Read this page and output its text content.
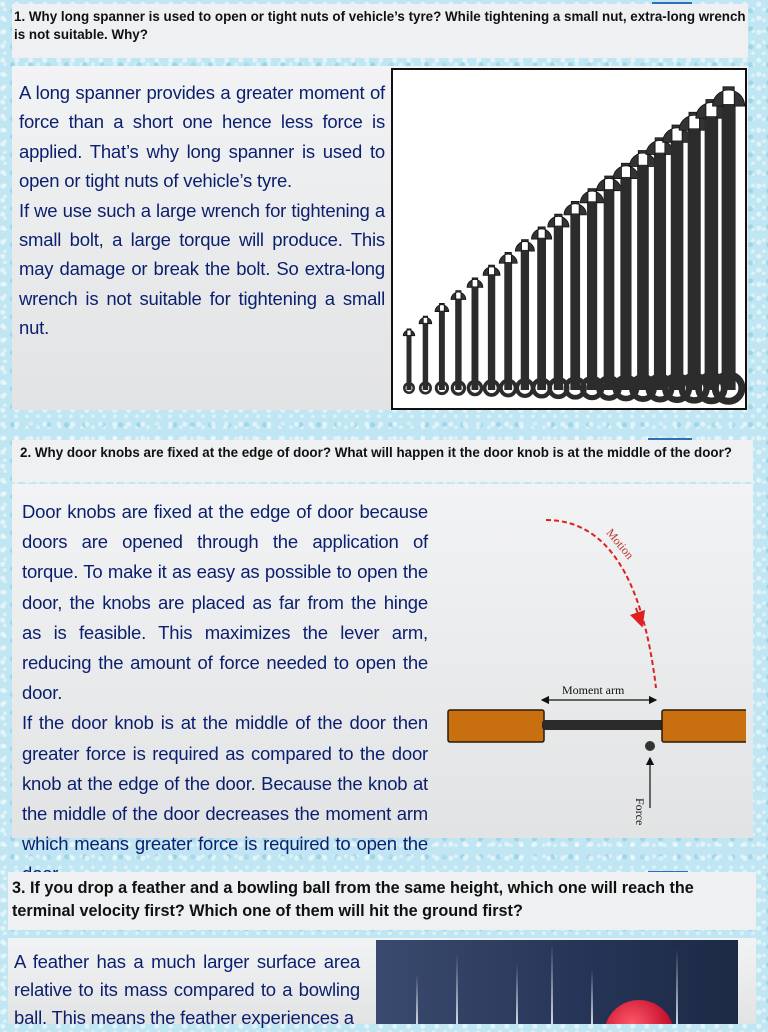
1. Why long spanner is used to open or tight nuts of vehicle’s tyre? While tightening a small nut, extra-long wrench is not suitable. Why?

A long spanner provides a greater moment of force than a short one hence less force is applied. That’s why long spanner is used to open or tight nuts of vehicle’s tyre.

If we use such a large wrench for tightening a small bolt, a large torque will produce. This may damage or break the bolt. So extra-long wrench is not suitable for tightening a small nut.

2. Why door knobs are fixed at the edge of door? What will happen it the door knob is at the middle of the door?

Door knobs are fixed at the edge of door because doors are opened through the application of torque. To make it as easy as possible to open the door, the knobs are placed as far from the hinge as is feasible. This maximizes the lever arm, reducing the amount of force needed to open the door.

If the door knob is at the middle of the door then greater force is required as compared to the door knob at the edge of the door. Because the knob at the middle of the door decreases the moment arm which means greater force is required to open the

Motion
Moment arm
Force
3. If you drop a feather and a bowling ball from the same height, which one will reach the terminal velocity first? Which one of them will hit the ground first?

A feather has a much larger surface area relative to its mass compared to a bowling ball. This means the feather experiences a
